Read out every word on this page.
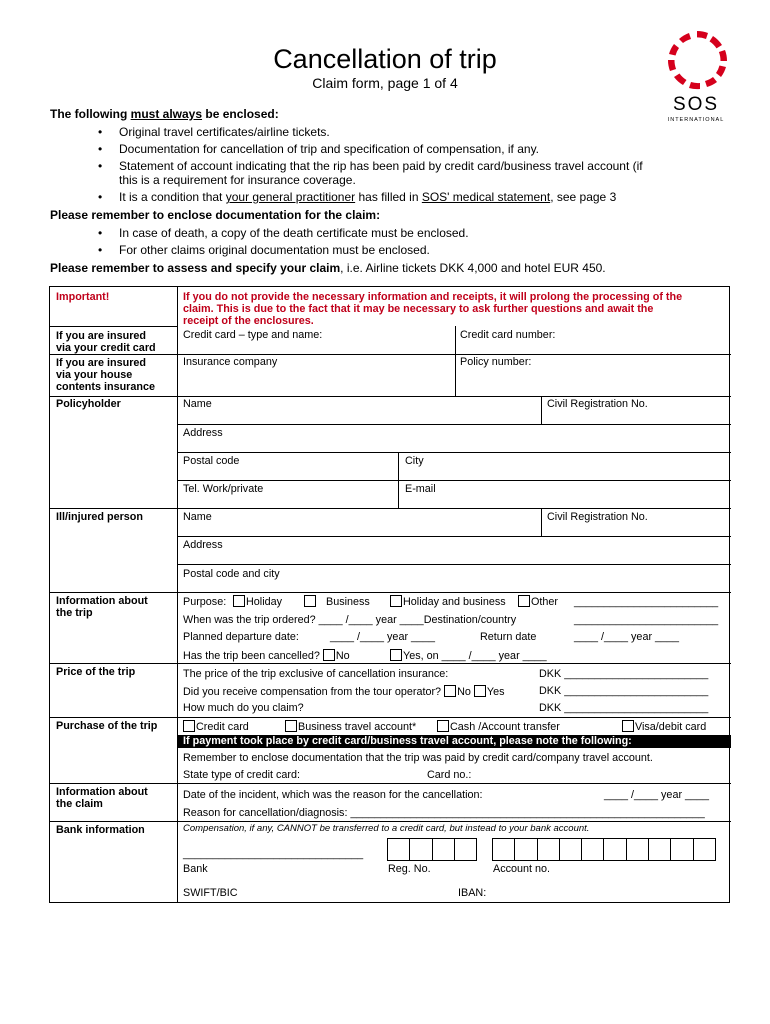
Cancellation of trip
Claim form, page 1 of 4
SOS
INTERNATIONAL
The following must always be enclosed:
• Original travel certificates/airline tickets.
• Documentation for cancellation of trip and specification of compensation, if any.
• Statement of account indicating that the rip has been paid by credit card/business travel account (if
this is a requirement for insurance coverage.
• It is a condition that your general practitioner has filled in SOS' medical statement, see page 3
Please remember to enclose documentation for the claim:
• In case of death, a copy of the death certificate must be enclosed.
• For other claims original documentation must be enclosed.
Please remember to assess and specify your claim, i.e. Airline tickets DKK 4,000 and hotel EUR 450.
Important!	If you do not provide the necessary information and receipts, it will prolong the processing of the
claim. This is due to the fact that it may be necessary to ask further questions and await the
receipt of the enclosures.
If you are insured
via your credit card
Credit card – type and name:	Credit card number:
If you are insured
via your house
contents insurance
Insurance company	Policy number:
Policyholder	Name	Civil Registration No.
Address
Postal code	City
Tel. Work/private	E-mail
Ill/injured person	Name	Civil Registration No.
Address
Postal code and city
Information about
the trip
Purpose:	Holiday	Business	Holiday and business	Other ________________________
When was the trip ordered? ____ /____ year ____Destination/country	________________________
Planned departure date:	____ /____ year ____	Return date	____ /____ year ____
Has the trip been cancelled? No	Yes, on ____ /____ year ____
Price of the trip	The price of the trip exclusive of cancellation insurance:	DKK ________________________
Did you receive compensation from the tour operator? No Yes	DKK ________________________
How much do you claim?	DKK ________________________
Purchase of the trip	Credit card	Business travel account*	Cash /Account transfer	Visa/debit card
If payment took place by credit card/business travel account, please note the following:
Remember to enclose documentation that the trip was paid by credit card/company travel account.
State type of credit card:	Card no.:
Information about
the claim
Date of the incident, which was the reason for the cancellation:	____ /____ year ____
Reason for cancellation/diagnosis: ___________________________________________________________
Bank information	Compensation, if any, CANNOT be transferred to a credit card, but instead to your bank account.
______________________________
Bank	Reg. No.	Account no.
SWIFT/BIC	IBAN:
